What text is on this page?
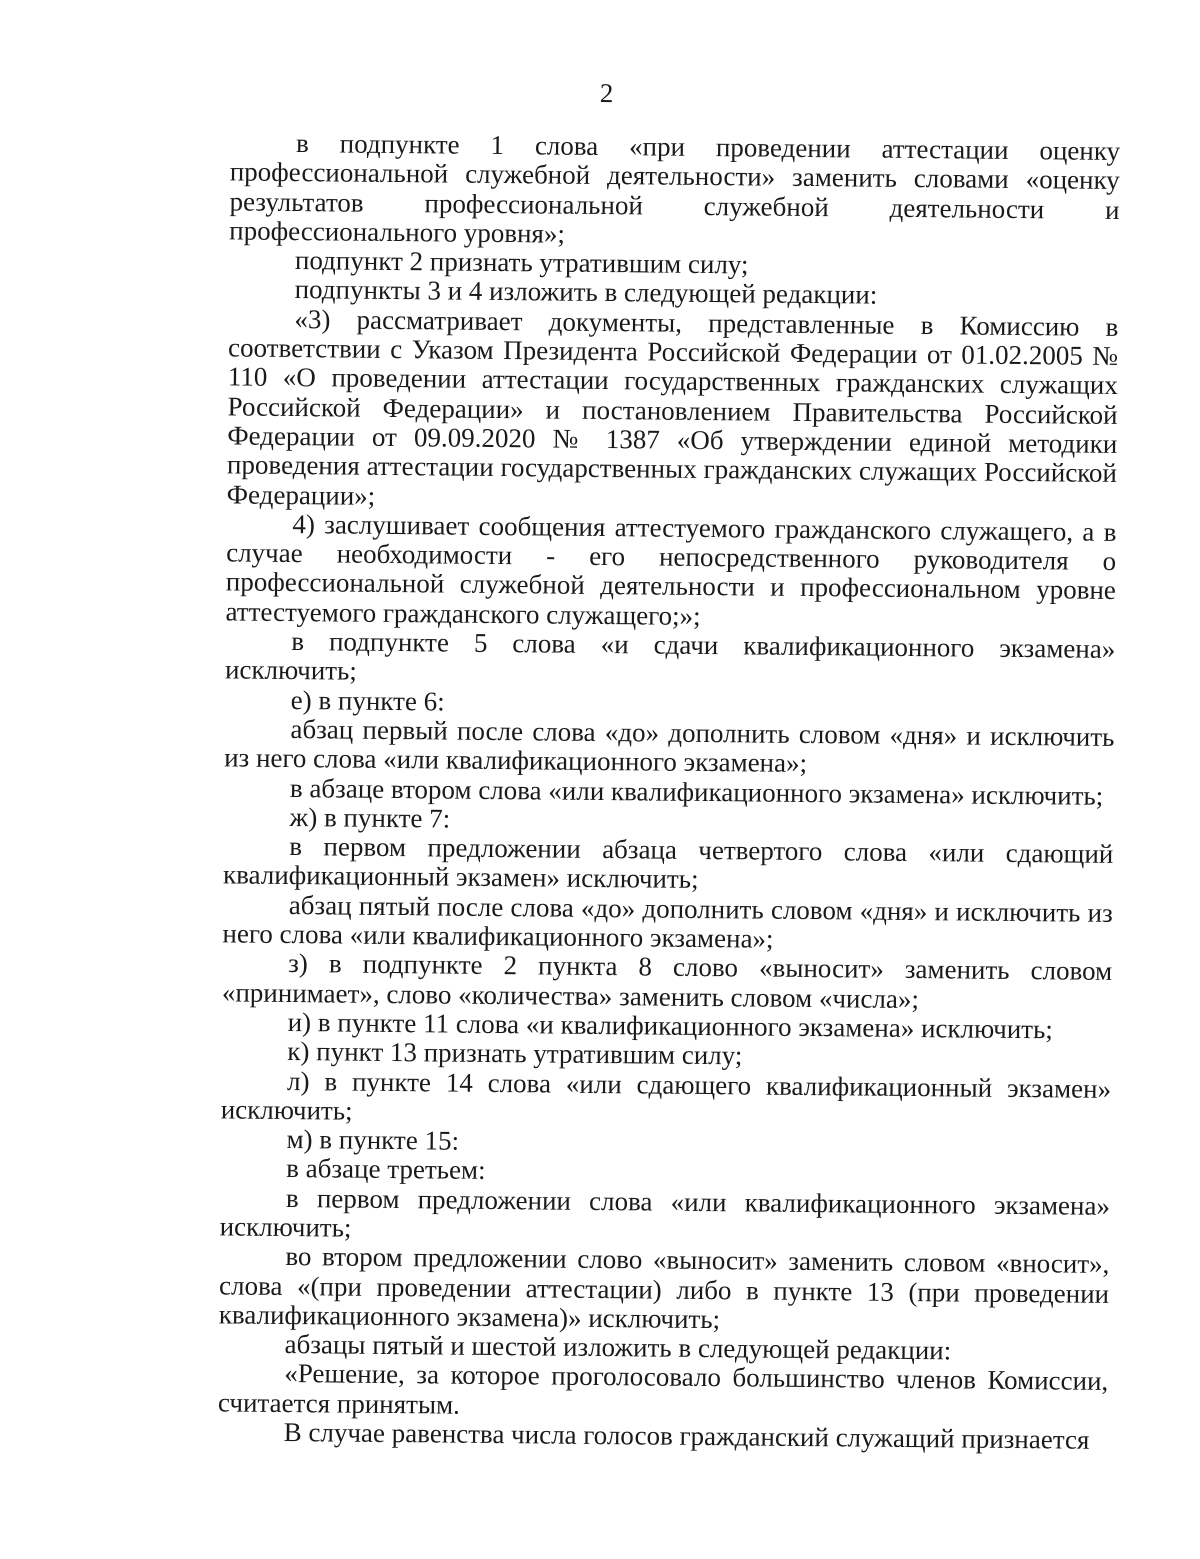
2

в подпункте 1 слова «при проведении аттестации оценку профессиональной служебной деятельности» заменить словами «оценку результатов профессиональной служебной деятельности и профессионального уровня»;

подпункт 2 признать утратившим силу;

подпункты 3 и 4 изложить в следующей редакции:

«3) рассматривает документы, представленные в Комиссию в соответствии с Указом Президента Российской Федерации от 01.02.2005 № 110 «О проведении аттестации государственных гражданских служащих Российской Федерации» и постановлением Правительства Российской Федерации от 09.09.2020 № 1387 «Об утверждении единой методики проведения аттестации государственных гражданских служащих Российской Федерации»;

4) заслушивает сообщения аттестуемого гражданского служащего, а в случае необходимости - его непосредственного руководителя о профессиональной служебной деятельности и профессиональном уровне аттестуемого гражданского служащего;»;

в подпункте 5 слова «и сдачи квалификационного экзамена» исключить;

е) в пункте 6:

абзац первый после слова «до» дополнить словом «дня» и исключить из него слова «или квалификационного экзамена»;

в абзаце втором слова «или квалификационного экзамена» исключить;

ж) в пункте 7:

в первом предложении абзаца четвертого слова «или сдающий квалификационный экзамен» исключить;

абзац пятый после слова «до» дополнить словом «дня» и исключить из него слова «или квалификационного экзамена»;

з) в подпункте 2 пункта 8 слово «выносит» заменить словом «принимает», слово «количества» заменить словом «числа»;

и) в пункте 11 слова «и квалификационного экзамена» исключить;

к) пункт 13 признать утратившим силу;

л) в пункте 14 слова «или сдающего квалификационный экзамен» исключить;

м) в пункте 15:

в абзаце третьем:

в первом предложении слова «или квалификационного экзамена» исключить;

во втором предложении слово «выносит» заменить словом «вносит», слова «(при проведении аттестации) либо в пункте 13 (при проведении квалификационного экзамена)» исключить;

абзацы пятый и шестой изложить в следующей редакции:

«Решение, за которое проголосовало большинство членов Комиссии, считается принятым.

В случае равенства числа голосов гражданский служащий признается
